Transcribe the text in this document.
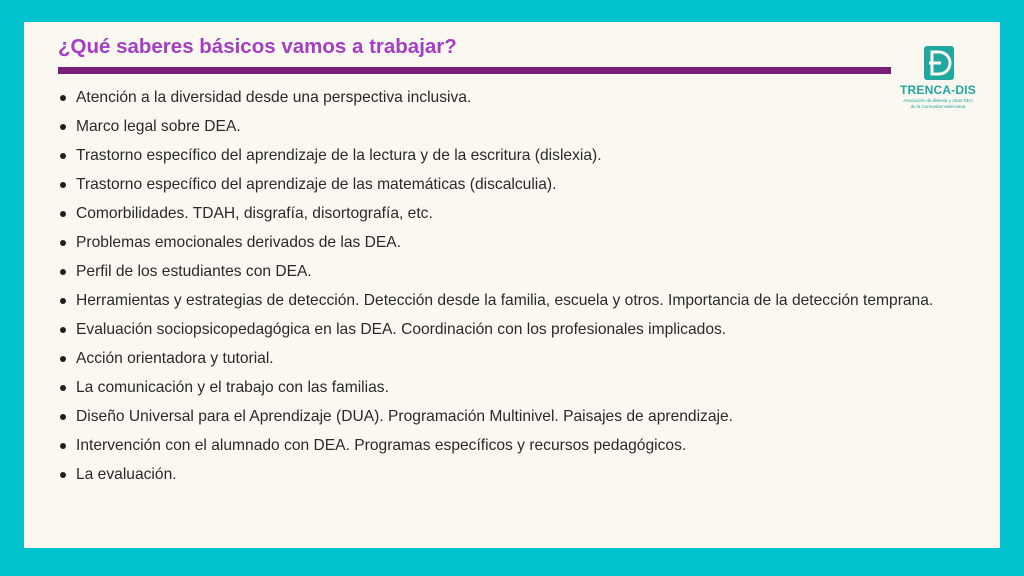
¿Qué saberes básicos vamos a trabajar?
TRENCA-DIS
Asociación de dislexia y otras DEA
de la Comunitat Valenciana
Atención a la diversidad desde una perspectiva inclusiva.
Marco legal sobre DEA.
Trastorno específico del aprendizaje de la lectura y de la escritura (dislexia).
Trastorno específico del aprendizaje de las matemáticas (discalculia).
Comorbilidades. TDAH, disgrafía, disortografía, etc.
Problemas emocionales derivados de las DEA.
Perfil de los estudiantes con DEA.
Herramientas y estrategias de detección. Detección desde la familia, escuela y otros. Importancia de la detección temprana.
Evaluación sociopsicopedagógica en las DEA. Coordinación con los profesionales implicados.
Acción orientadora y tutorial.
La comunicación y el trabajo con las familias.
Diseño Universal para el Aprendizaje (DUA). Programación Multinivel. Paisajes de aprendizaje.
Intervención con el alumnado con DEA. Programas específicos y recursos pedagógicos.
La evaluación.
